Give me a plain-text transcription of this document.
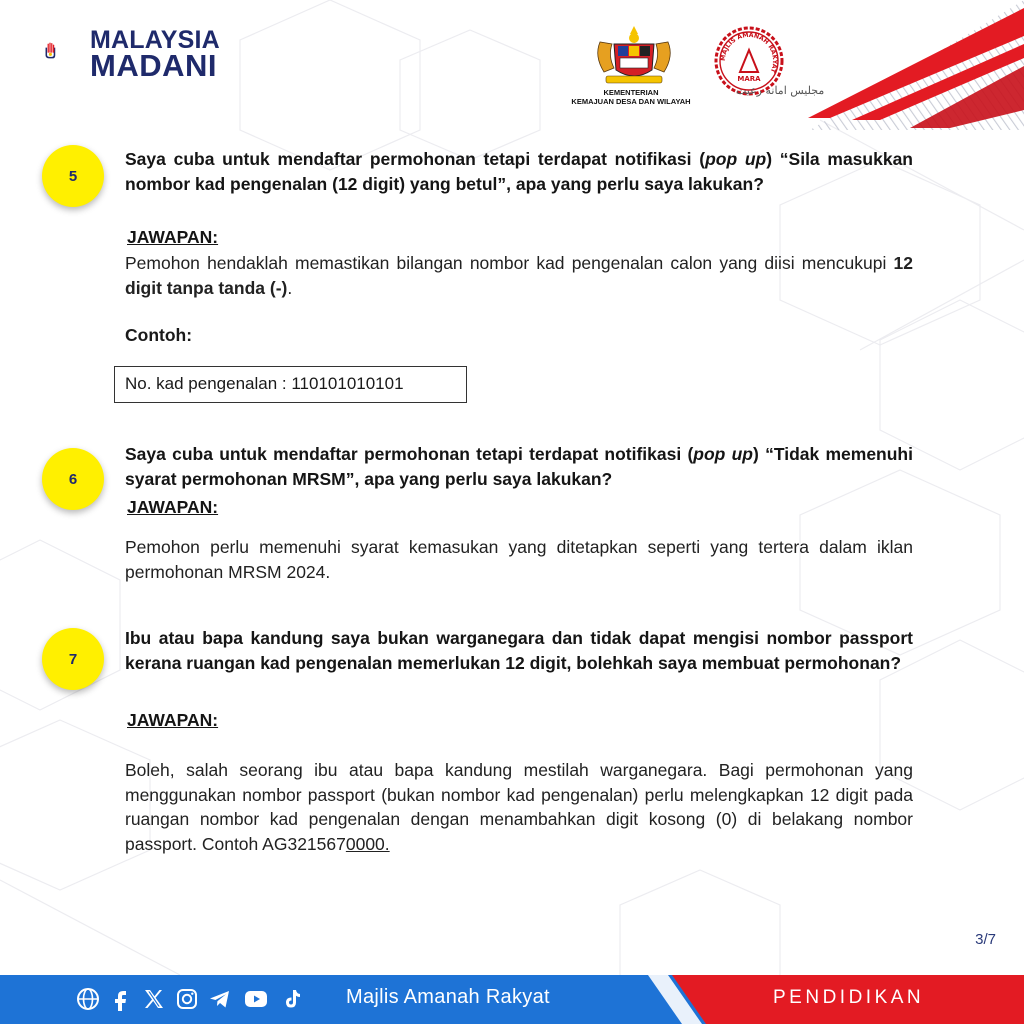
MALAYSIA
MADANI
KEMENTERIAN
KEMAJUAN DESA DAN WILAYAH
MAJLIS AMANAH RAKYAT
MARA
مجليس امانه رعيت
5
Saya cuba untuk mendaftar permohonan tetapi terdapat notifikasi (pop up) “Sila masukkan nombor kad pengenalan (12 digit) yang betul”, apa yang perlu saya lakukan?
JAWAPAN:
Pemohon hendaklah memastikan bilangan nombor kad pengenalan calon yang diisi mencukupi 12 digit tanpa tanda (-).
Contoh:
No. kad pengenalan : 110101010101
6
Saya cuba untuk mendaftar permohonan tetapi terdapat notifikasi (pop up) “Tidak memenuhi syarat permohonan MRSM”, apa yang perlu saya lakukan?
JAWAPAN:
Pemohon perlu memenuhi syarat kemasukan yang ditetapkan seperti yang tertera dalam iklan permohonan MRSM 2024.
7
Ibu atau bapa kandung saya bukan warganegara dan tidak dapat mengisi nombor passport kerana ruangan kad pengenalan memerlukan 12 digit, bolehkah saya membuat permohonan?
JAWAPAN:
Boleh, salah seorang ibu atau bapa kandung mestilah warganegara. Bagi permohonan yang menggunakan nombor passport (bukan nombor kad pengenalan) perlu melengkapkan 12 digit pada ruangan nombor kad pengenalan dengan menambahkan digit kosong (0) di belakang nombor passport. Contoh AG3215670000.
3/7
Majlis Amanah Rakyat	PENDIDIKAN
